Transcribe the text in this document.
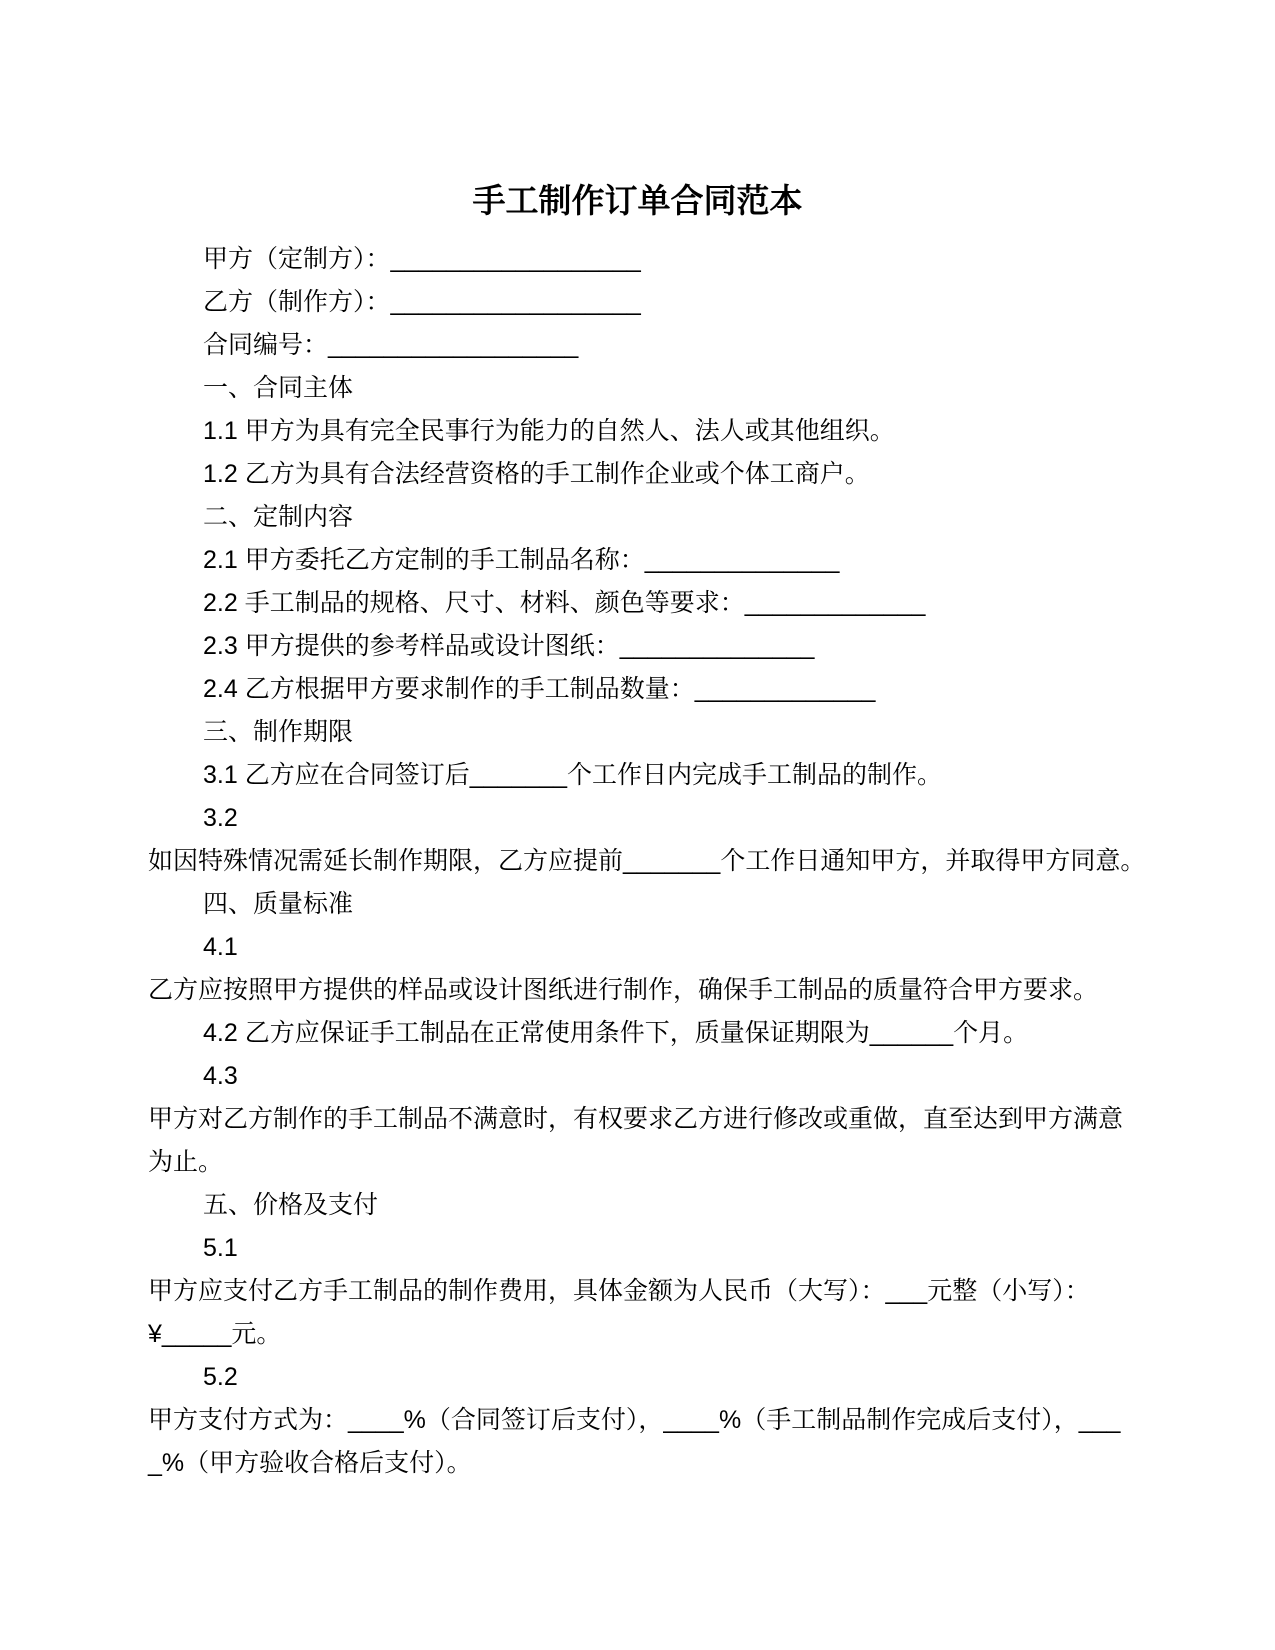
手工制作订单合同范本
甲方（定制方）：__________________
乙方（制作方）：__________________
合同编号：__________________
一、合同主体
1.1 甲方为具有完全民事行为能力的自然人、法人或其他组织。
1.2 乙方为具有合法经营资格的手工制作企业或个体工商户。
二、定制内容
2.1 甲方委托乙方定制的手工制品名称：______________
2.2 手工制品的规格、尺寸、材料、颜色等要求：_____________
2.3 甲方提供的参考样品或设计图纸：______________
2.4 乙方根据甲方要求制作的手工制品数量：_____________
三、制作期限
3.1 乙方应在合同签订后_______个工作日内完成手工制品的制作。
3.2
如因特殊情况需延长制作期限，乙方应提前_______个工作日通知甲方，并取得甲方同意。
四、质量标准
4.1
乙方应按照甲方提供的样品或设计图纸进行制作，确保手工制品的质量符合甲方要求。
4.2 乙方应保证手工制品在正常使用条件下，质量保证期限为______个月。
4.3
甲方对乙方制作的手工制品不满意时，有权要求乙方进行修改或重做，直至达到甲方满意
为止。
五、价格及支付
5.1
甲方应支付乙方手工制品的制作费用，具体金额为人民币（大写）：___元整（小写）：
¥_____元。
5.2
甲方支付方式为：____%（合同签订后支付），____%（手工制品制作完成后支付），___
_%（甲方验收合格后支付）。
